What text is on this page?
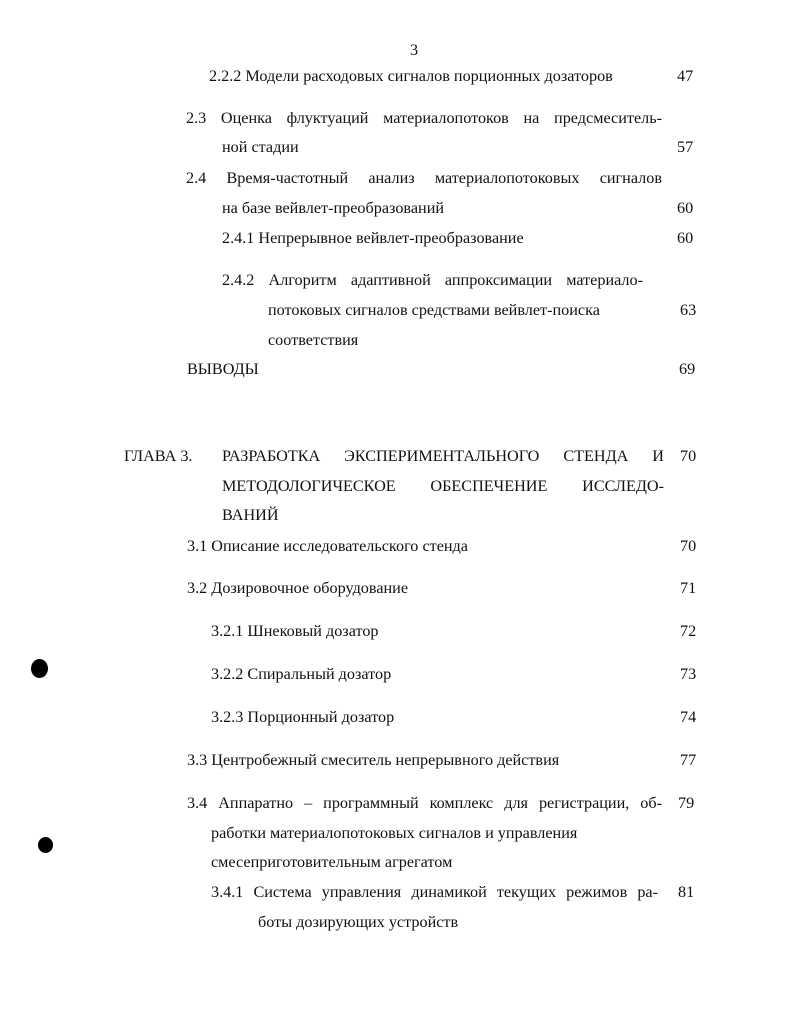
3
2.2.2 Модели расходовых сигналов порционных дозаторов	47
2.3 Оценка флуктуаций материалопотоков на предсмеситель-
ной стадии	57
2.4 Время-частотный анализ материалопотоковых сигналов
на базе вейвлет-преобразований	60
2.4.1 Непрерывное вейвлет-преобразование	60
2.4.2 Алгоритм адаптивной аппроксимации материало-
потоковых сигналов средствами вейвлет-поиска	63
соответствия
ВЫВОДЫ	69
ГЛАВА 3. РАЗРАБОТКА ЭКСПЕРИМЕНТАЛЬНОГО СТЕНДА И 70
МЕТОДОЛОГИЧЕСКОЕ ОБЕСПЕЧЕНИЕ ИССЛЕДО-
ВАНИЙ
3.1 Описание исследовательского стенда	70
3.2 Дозировочное оборудование	71
3.2.1 Шнековый дозатор	72
3.2.2 Спиральный дозатор	73
3.2.3 Порционный дозатор	74
3.3 Центробежный смеситель непрерывного действия	77
3.4 Аппаратно – программный комплекс для регистрации, об- 79
работки материалопотоковых сигналов и управления
смесеприготовительным агрегатом
3.4.1 Система управления динамикой текущих режимов ра- 81
боты дозирующих устройств
